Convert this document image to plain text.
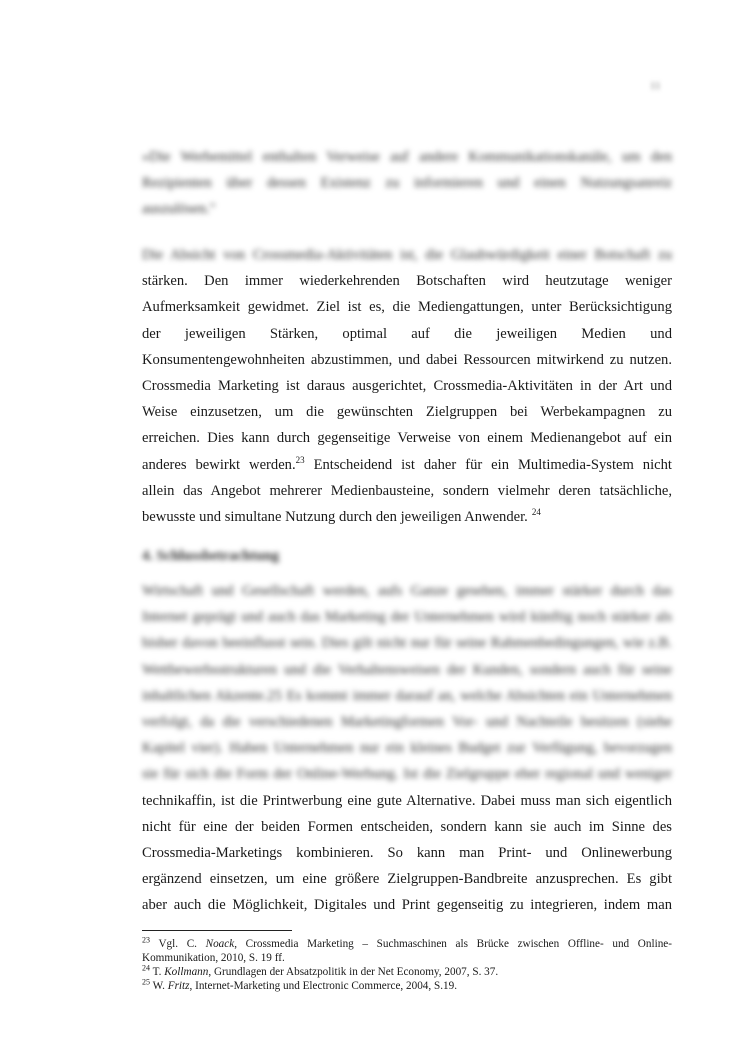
11
»Die Werbemittel enthalten Verweise auf andere Kommunikationskanäle, um den
Rezipienten über dessen Existenz zu informieren und einen Nutzungsanreiz
auszulösen."
Die Absicht von Crossmedia-Aktivitäten ist, die Glaubwürdigkeit einer Botschaft zu
stärken. Den immer wiederkehrenden Botschaften wird heutzutage weniger
Aufmerksamkeit gewidmet. Ziel ist es, die Mediengattungen, unter Berücksichtigung
der jeweiligen Stärken, optimal auf die jeweiligen Medien und
Konsumentengewohnheiten abzustimmen, und dabei Ressourcen mitwirkend zu nutzen.
Crossmedia Marketing ist daraus ausgerichtet, Crossmedia-Aktivitäten in der Art und
Weise einzusetzen, um die gewünschten Zielgruppen bei Werbekampagnen zu
erreichen. Dies kann durch gegenseitige Verweise von einem Medienangebot auf ein
anderes bewirkt werden.$^{23}$ Entscheidend ist daher für ein Multimedia-System nicht
allein das Angebot mehrerer Medienbausteine, sondern vielmehr deren tatsächliche,
bewusste und simultane Nutzung durch den jeweiligen Anwender. $^{24}$
4. Schlussbetrachtung
Wirtschaft und Gesellschaft werden, aufs Ganze gesehen, immer stärker durch das
Internet geprägt und auch das Marketing der Unternehmen wird künftig noch stärker als
bisher davon beeinflusst sein. Dies gilt nicht nur für seine Rahmenbedingungen, wie z.B.
Wettbewerbsstrukturen und die Verhaltensweisen der Kunden, sondern auch für seine
inhaltlichen Akzente.25 Es kommt immer darauf an, welche Absichten ein Unternehmen
verfolgt, da die verschiedenen Marketingformen Vor- und Nachteile besitzen (siehe
Kapitel vier). Haben Unternehmen nur ein kleines Budget zur Verfügung, bevorzugen
sie für sich die Form der Online-Werbung. Ist die Zielgruppe eher regional und weniger
technikaffin, ist die Printwerbung eine gute Alternative. Dabei muss man sich eigentlich
nicht für eine der beiden Formen entscheiden, sondern kann sie auch im Sinne des
Crossmedia-Marketings kombinieren. So kann man Print- und Onlinewerbung
ergänzend einsetzen, um eine größere Zielgruppen-Bandbreite anzusprechen. Es gibt
aber auch die Möglichkeit, Digitales und Print gegenseitig zu integrieren, indem man
$^{23}$ Vgl. C. Noack, Crossmedia Marketing – Suchmaschinen als Brücke zwischen Offline- und Online-
Kommunikation, 2010, S. 19 ff.
$^{24}$ T. Kollmann, Grundlagen der Absatzpolitik in der Net Economy, 2007, S. 37.
$^{25}$ W. Fritz, Internet-Marketing und Electronic Commerce, 2004, S.19.
